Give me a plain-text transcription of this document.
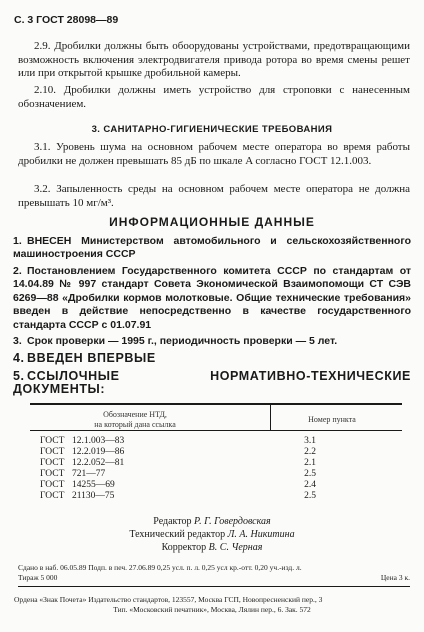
С. 3 ГОСТ 28098—89
2.9. Дробилки должны быть обоорудованы устройствами, предотвращающими возможность включения электродвигателя привода ротора во время смены решет или при открытой крышке дробильной камеры.
2.10. Дробилки должны иметь устройство для строповки с нанесенным обозначением.
3. САНИТАРНО-ГИГИЕНИЧЕСКИЕ ТРЕБОВАНИЯ
3.1. Уровень шума на основном рабочем месте оператора во время работы дробилки не должен превышать 85 дБ по шкале A согласно ГОСТ 12.1.003.
3.2. Запыленность среды на основном рабочем месте оператора не должна превышать 10 мг/м³.
ИНФОРМАЦИОННЫЕ ДАННЫЕ
1. ВНЕСЕН Министерством автомобильного и сельскохозяйственного машиностроения СССР
2. Постановлением Государственного комитета СССР по стандартам от 14.04.89 № 997 стандарт Совета Экономической Взаимопомощи СТ СЭВ 6269—88 «Дробилки кормов молотковые. Общие технические требования» введен в действие непосредственно в качестве государственного стандарта СССР с 01.07.91
3. Срок проверки — 1995 г., периодичность проверки — 5 лет.
4. ВВЕДЕН ВПЕРВЫЕ
5. ССЫЛОЧНЫЕ НОРМАТИВНО-ТЕХНИЧЕСКИЕ ДОКУМЕНТЫ:
Обозначение НТД,
на который дана ссылка
Номер пункта
ГОСТ 12.1.003—83	3.1
ГОСТ 12.2.019—86	2.2
ГОСТ 12.2.052—81	2.1
ГОСТ 721—77	2.5
ГОСТ 14255—69	2.4
ГОСТ 21130—75	2.5
Редактор Р. Г. Говердовская
Технический редактор Л. А. Никитина
Корректор В. С. Черная
Сдано в наб. 06.05.89 Подп. в печ. 27.06.89 0,25 усл. п. л. 0,25 усл кр.-отт. 0,20 уч.-изд. л.
Тираж 5 000	Цена 3 к.
Ордена «Знак Почета» Издательство стандартов, 123557, Москва ГСП, Новопресненский пер., 3
Тип. «Московский печатник», Москва, Лялин пер., 6. Зак. 572
